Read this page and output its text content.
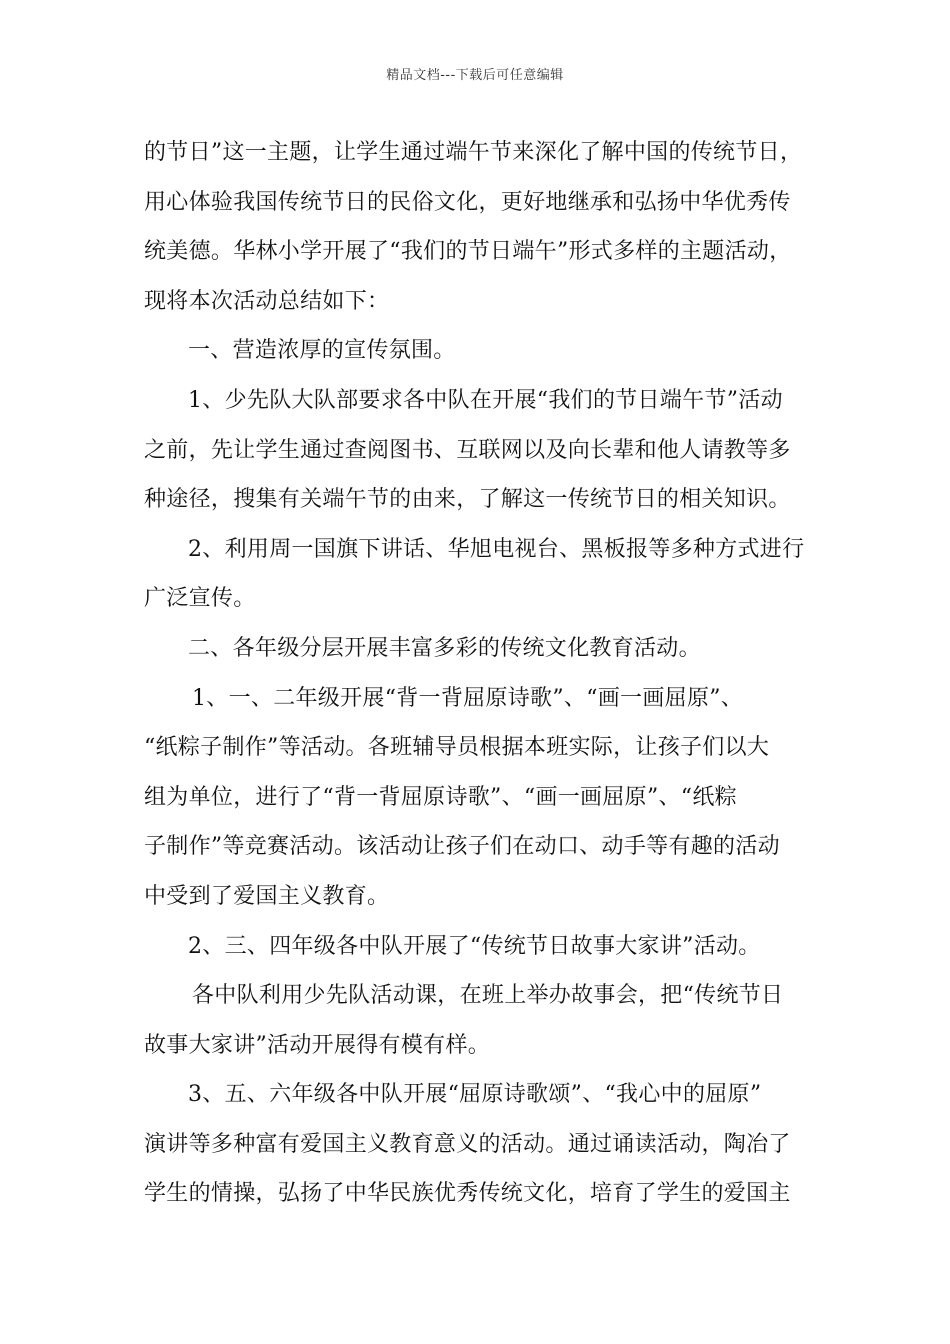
精品文档---下载后可任意编辑
的节日”这一主题，让学生通过端午节来深化了解中国的传统节日，
用心体验我国传统节日的民俗文化，更好地继承和弘扬中华优秀传
统美德。华林小学开展了“我们的节日端午”形式多样的主题活动，
现将本次活动总结如下：
一、营造浓厚的宣传氛围。
1、少先队大队部要求各中队在开展“我们的节日端午节”活动
之前，先让学生通过查阅图书、互联网以及向长辈和他人请教等多
种途径，搜集有关端午节的由来，了解这一传统节日的相关知识。
2、利用周一国旗下讲话、华旭电视台、黑板报等多种方式进行
广泛宣传。
二、各年级分层开展丰富多彩的传统文化教育活动。
1、一、二年级开展“背一背屈原诗歌”、“画一画屈原”、
“纸粽子制作”等活动。各班辅导员根据本班实际，让孩子们以大
组为单位，进行了“背一背屈原诗歌”、“画一画屈原”、“纸粽
子制作”等竞赛活动。该活动让孩子们在动口、动手等有趣的活动
中受到了爱国主义教育。
2、三、四年级各中队开展了“传统节日故事大家讲”活动。
各中队利用少先队活动课，在班上举办故事会，把“传统节日
故事大家讲”活动开展得有模有样。
3、五、六年级各中队开展“屈原诗歌颂”、“我心中的屈原”
演讲等多种富有爱国主义教育意义的活动。通过诵读活动，陶冶了
学生的情操，弘扬了中华民族优秀传统文化，培育了学生的爱国主
